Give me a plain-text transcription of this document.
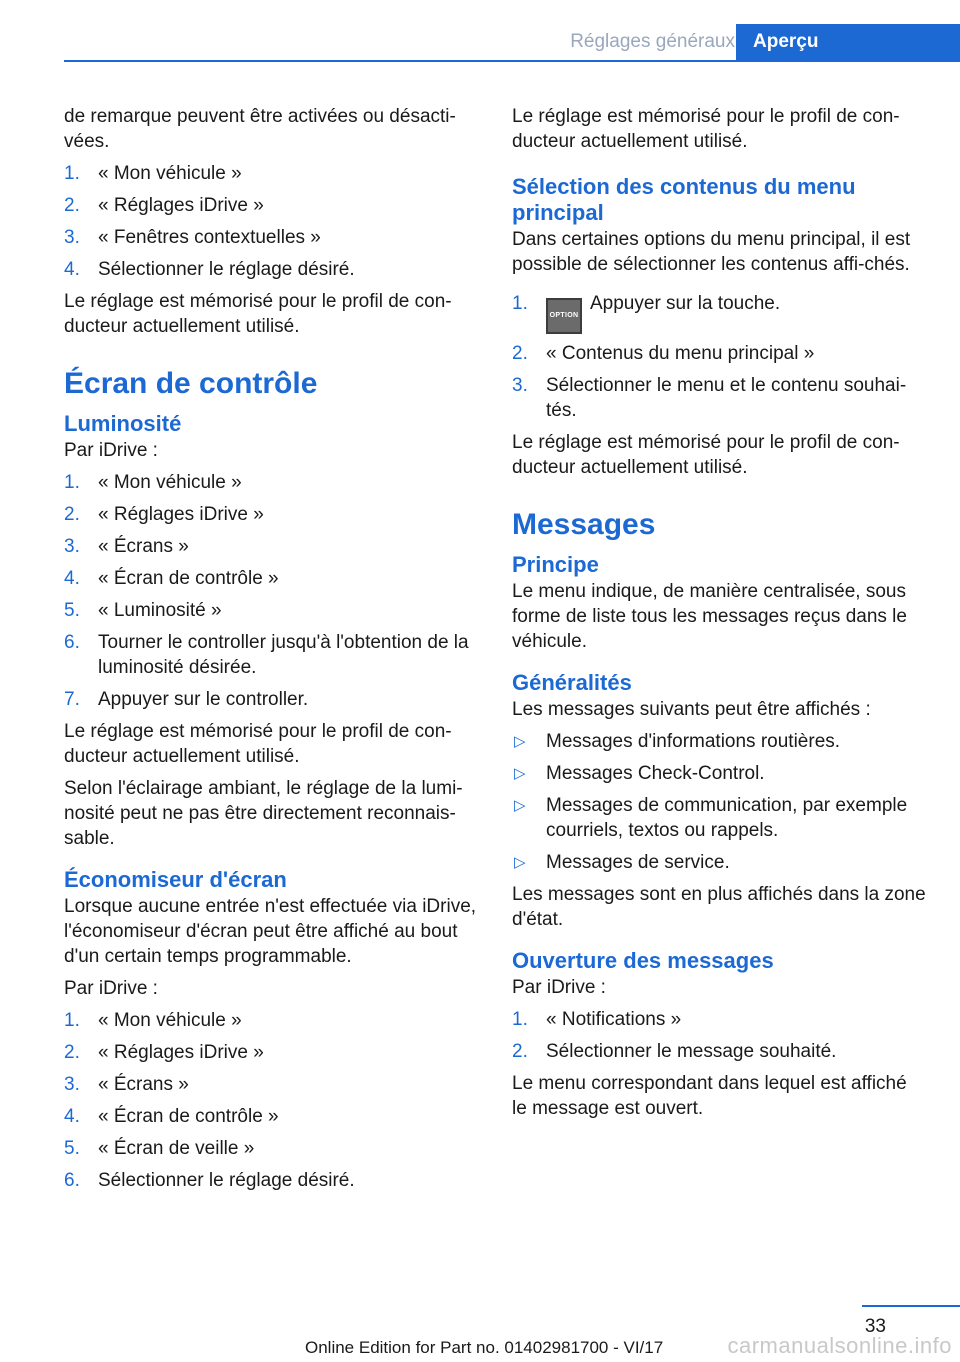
Réglages généraux Aperçu

de remarque peuvent être activées ou désacti-vées.

1. « Mon véhicule »
2. « Réglages iDrive »
3. « Fenêtres contextuelles »
4. Sélectionner le réglage désiré.

Le réglage est mémorisé pour le profil de con-ducteur actuellement utilisé.

Écran de contrôle
Luminosité

Par iDrive :

1. « Mon véhicule »
2. « Réglages iDrive »
3. « Écrans »
4. « Écran de contrôle »
5. « Luminosité »
6. Tourner le controller jusqu'à l'obtention de la luminosité désirée.
7. Appuyer sur le controller.

Le réglage est mémorisé pour le profil de con-ducteur actuellement utilisé.

Selon l'éclairage ambiant, le réglage de la lumi-nosité peut ne pas être directement reconnais-sable.

Économiseur d'écran

Lorsque aucune entrée n'est effectuée via iDrive, l'économiseur d'écran peut être affiché au bout d'un certain temps programmable.

Par iDrive :

1. « Mon véhicule »
2. « Réglages iDrive »
3. « Écrans »
4. « Écran de contrôle »
5. « Écran de veille »
6. Sélectionner le réglage désiré.

Le réglage est mémorisé pour le profil de con-ducteur actuellement utilisé.

Sélection des contenus du menu principal

Dans certaines options du menu principal, il est possible de sélectionner les contenus affi-chés.

1.
OPTIONAppuyer sur la touche.
2. « Contenus du menu principal »
3. Sélectionner le menu et le contenu souhai-tés.

Le réglage est mémorisé pour le profil de con-ducteur actuellement utilisé.

Messages
Principe

Le menu indique, de manière centralisée, sous forme de liste tous les messages reçus dans le véhicule.

Généralités

Les messages suivants peut être affichés :

▷ Messages d'informations routières.
▷ Messages Check-Control.
▷ Messages de communication, par exemple courriels, textos ou rappels.
▷ Messages de service.

Les messages sont en plus affichés dans la zone d'état.

Ouverture des messages

Par iDrive :

1. « Notifications »
2. Sélectionner le message souhaité.

Le menu correspondant dans lequel est affiché le message est ouvert.

33
Online Edition for Part no. 01402981700 - VI/17	carmanualsonline.info
